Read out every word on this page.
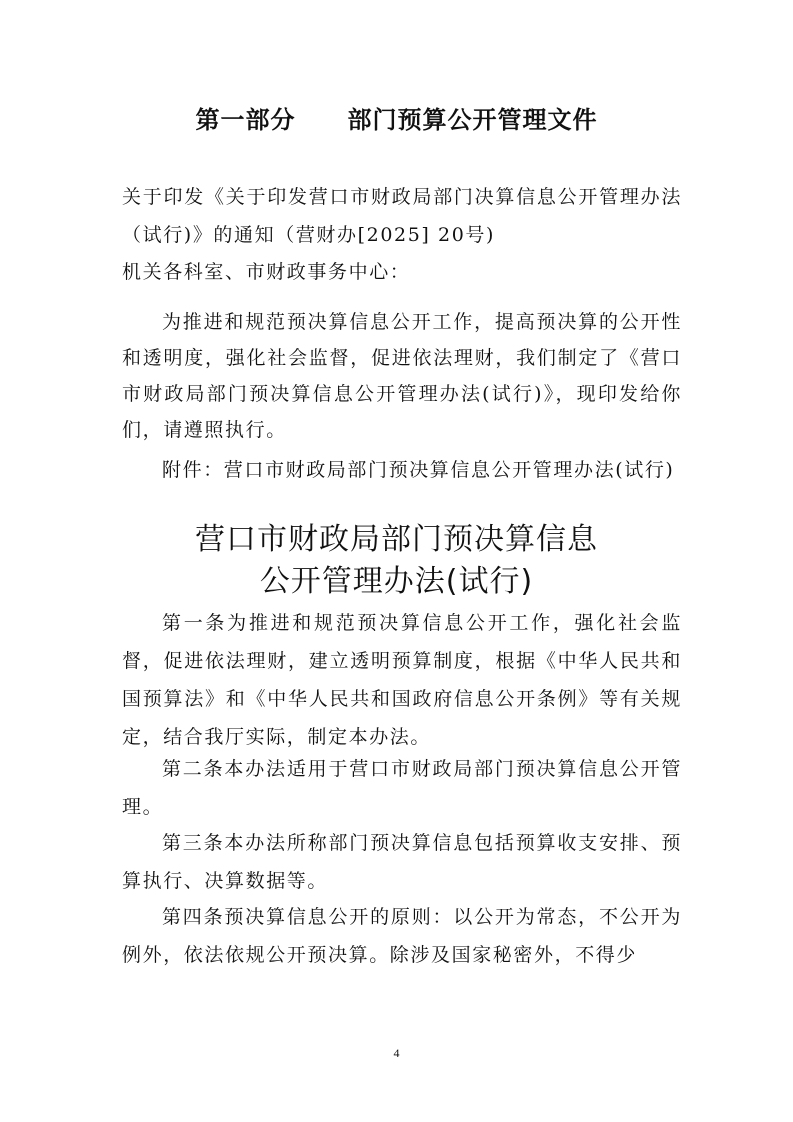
第一部分 部门预算公开管理文件

关于印发《关于印发营口市财政局部门决算信息公开管理办法（试行)》的通知（营财办[2025] 20号)

机关各科室、市财政事务中心：

为推进和规范预决算信息公开工作，提高预决算的公开性和透明度，强化社会监督，促进依法理财，我们制定了《营口市财政局部门预决算信息公开管理办法(试行)》，现印发给你们，请遵照执行。

附件：营口市财政局部门预决算信息公开管理办法(试行)

营口市财政局部门预决算信息
公开管理办法(试行)

第一条为推进和规范预决算信息公开工作，强化社会监督，促进依法理财，建立透明预算制度，根据《中华人民共和国预算法》和《中华人民共和国政府信息公开条例》等有关规定，结合我厅实际，制定本办法。

第二条本办法适用于营口市财政局部门预决算信息公开管理。

第三条本办法所称部门预决算信息包括预算收支安排、预算执行、决算数据等。

第四条预决算信息公开的原则：以公开为常态，不公开为例外，依法依规公开预决算。除涉及国家秘密外，不得少

4
